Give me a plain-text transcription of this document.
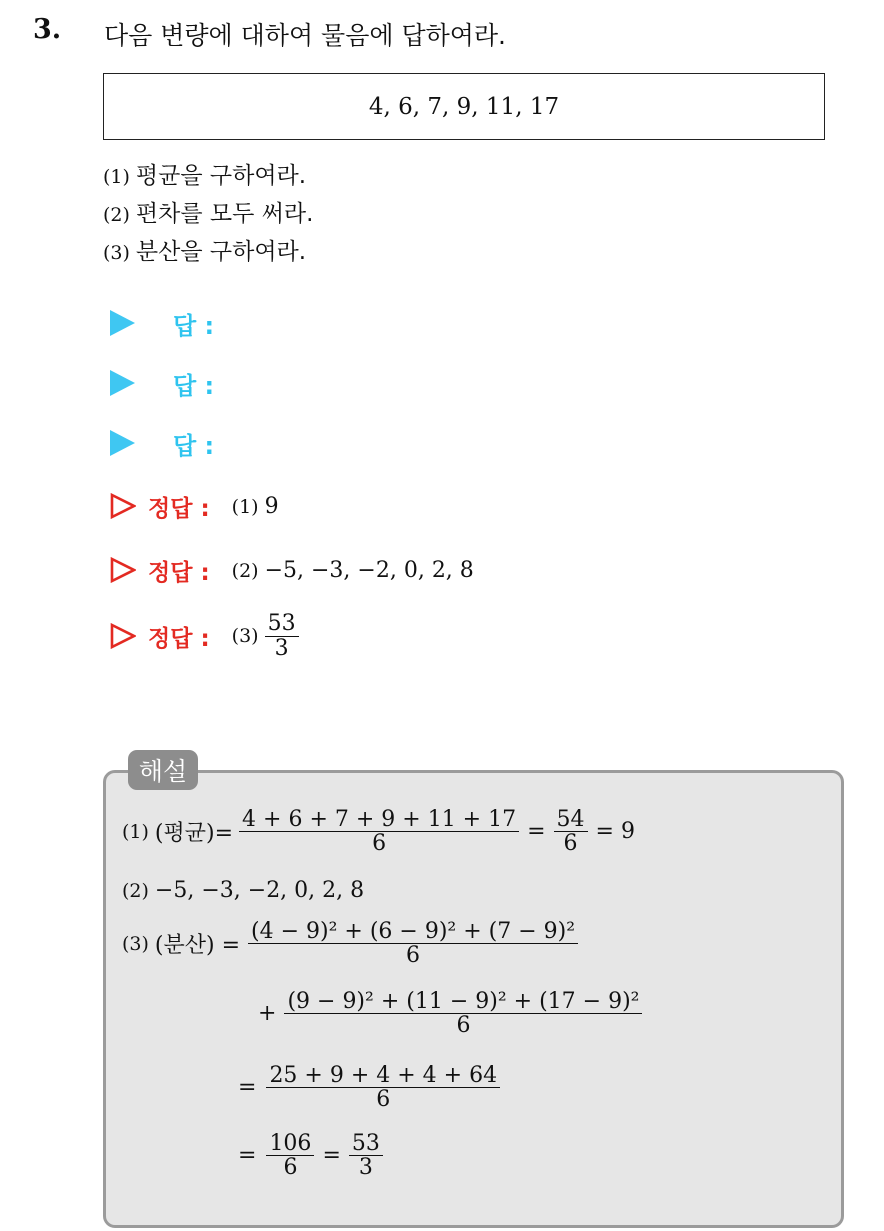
3. 다음 변량에 대하여 물음에 답하여라.
4, 6, 7, 9, 11, 17
(1) 평균을 구하여라.
(2) 편차를 모두 써라.
(3) 분산을 구하여라.
답 :
답 :
답 :
정답 : (1) 9
정답 : (2) −5, −3, −2, 0, 2, 8
정답 : $(3) \frac{53}{3}$
해설
(1) (평균)= $\frac{4 + 6 + 7 + 9 + 11 + 17}{6} = \frac{54}{6} = 9$
(2) −5, −3, −2, 0, 2, 8
(3) (분산) = $\frac{\text{(4 − 9)² + (6 − 9)² + (7 − 9)²}}{6}$
+ $\frac{\text{(9 − 9)² + (11 − 9)² + (17 − 9)²}}{6}$
= $\frac{25 + 9 + 4 + 4 + 64}{6}$
= $\frac{106}{6} = \frac{53}{3}$
